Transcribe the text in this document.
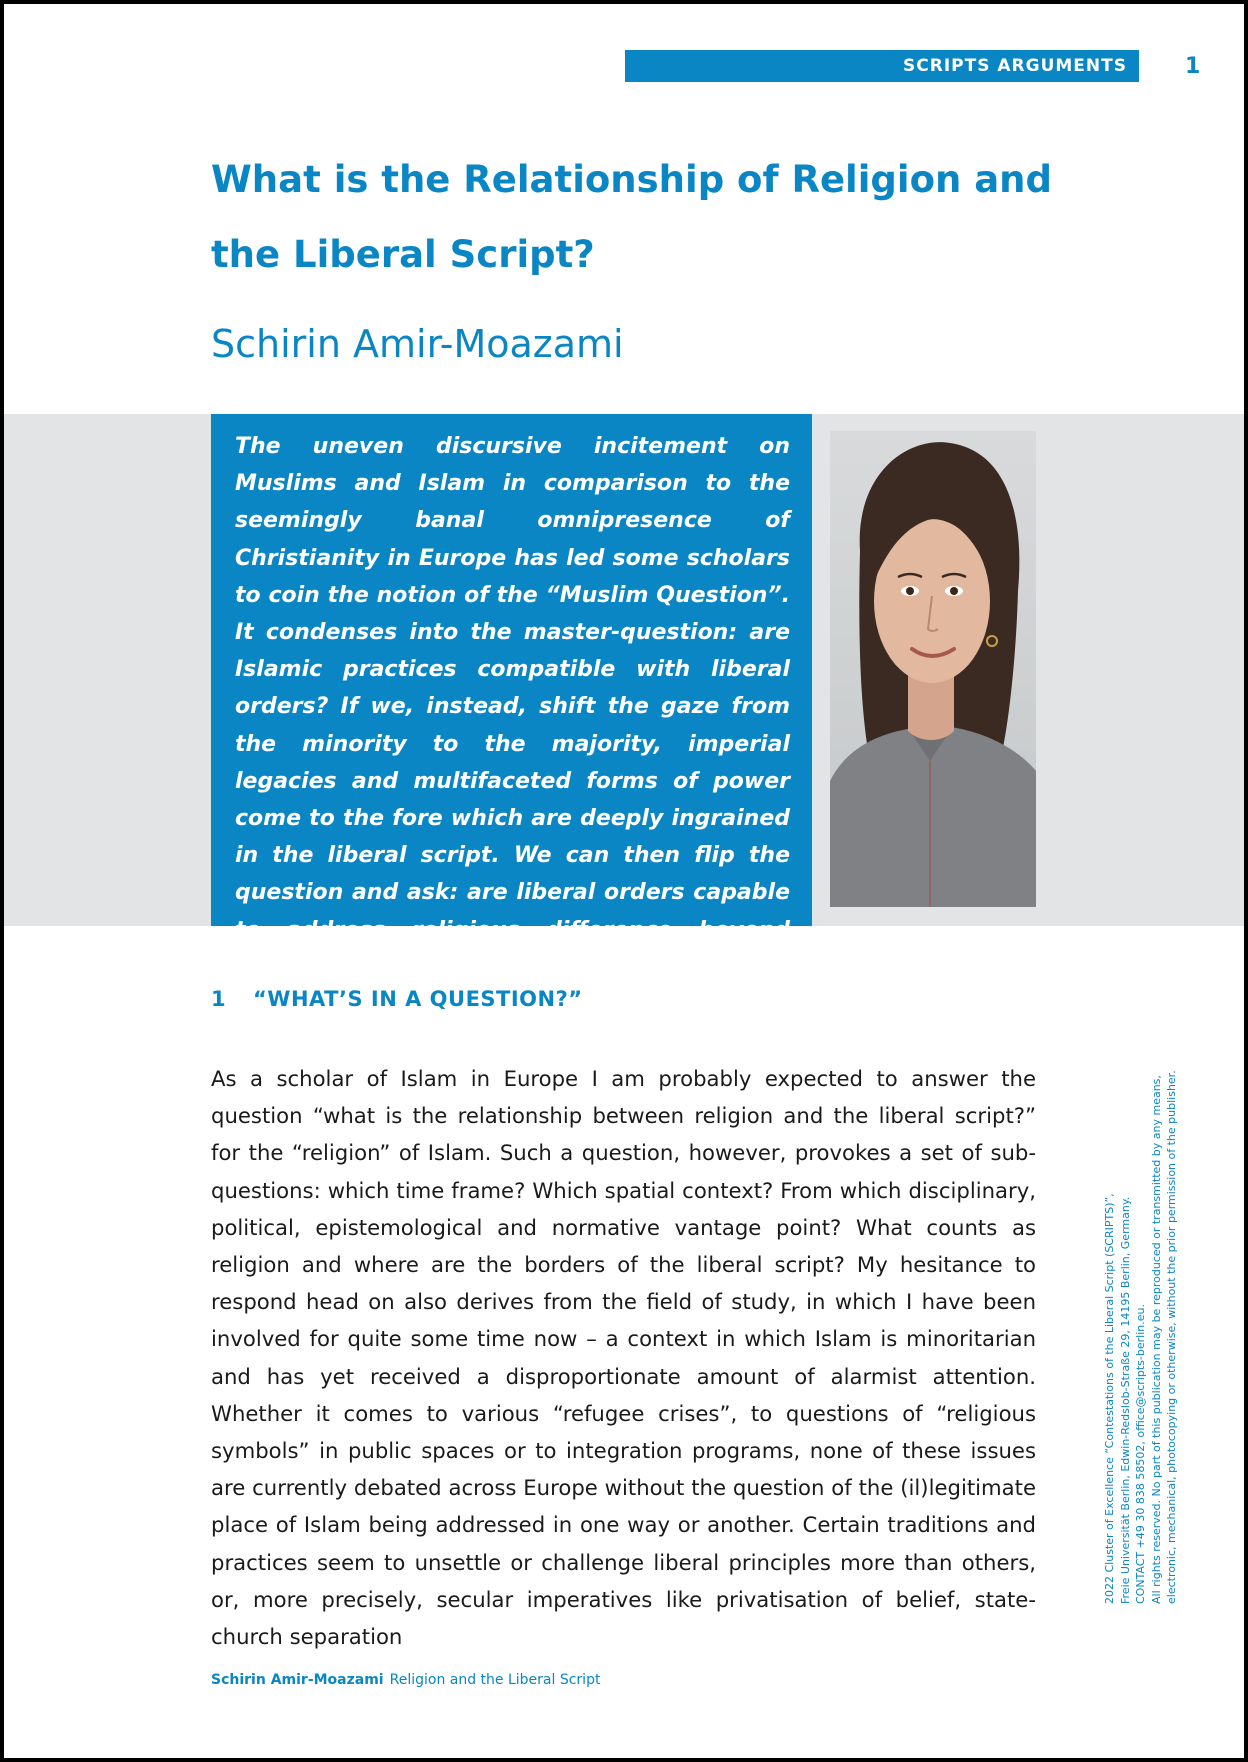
SCRIPTS ARGUMENTS	1
What is the Relationship of Religion and the Liberal Script?
Schirin Amir-Moazami

The uneven discursive incitement on Muslims and Islam in comparison to the seemingly banal omnipresence of Christianity in Europe has led some scholars to coin the notion of the “Muslim Question”. It condenses into the master-question: are Islamic practices compatible with liberal orders? If we, instead, shift the gaze from the minority to the majority, imperial legacies and multifaceted forms of power come to the fore which are deeply ingrained in the liberal script. We can then flip the question and ask: are liberal orders capable to address religious difference beyond absorption or radical alterity?

1 “WHAT’S IN A QUESTION?”

As a scholar of Islam in Europe I am probably expected to answer the question “what is the relationship between religion and the liberal script?” for the “religion” of Islam. Such a question, however, provokes a set of sub-questions: which time frame? Which spatial context? From which disciplinary, political, epistemological and normative vantage point? What counts as religion and where are the borders of the liberal script? My hesitance to respond head on also derives from the field of study, in which I have been involved for quite some time now – a context in which Islam is minoritarian and has yet received a disproportionate amount of alarmist attention. Whether it comes to various “refugee crises”, to questions of “religious symbols” in public spaces or to integration programs, none of these issues are currently debated across Europe without the question of the (il)legitimate place of Islam being addressed in one way or another. Certain traditions and practices seem to unsettle or challenge liberal principles more than others, or, more precisely, secular imperatives like privatisation of belief, state-church separation

Schirin Amir-Moazami Religion and the Liberal Script
2022 Cluster of Excellence “Contestations of the Liberal Script (SCRIPTS)”, Freie Universität Berlin, Edwin-Redslob-Straße 29, 14195 Berlin, Germany. CONTACT +49 30 838 58502, office@scripts-berlin.eu. All rights reserved. No part of this publication may be reproduced or transmitted by any means, electronic, mechanical, photocopying or otherwise, without the prior permission of the publisher.
